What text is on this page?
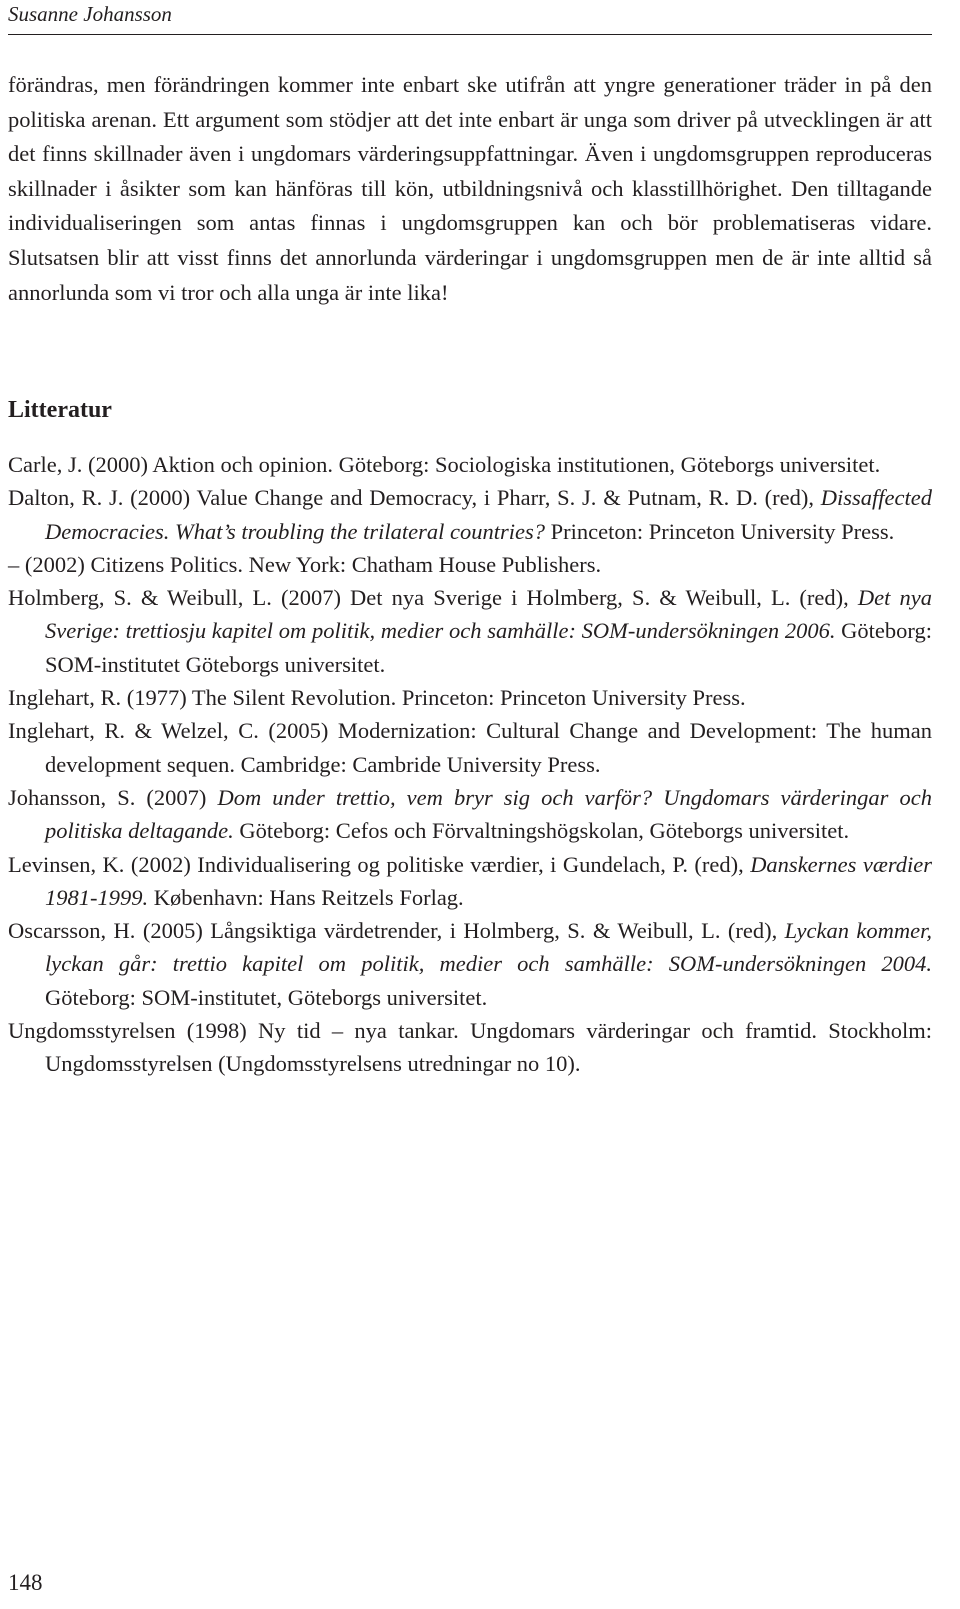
Susanne Johansson

förändras, men förändringen kommer inte enbart ske utifrån att yngre generationer träder in på den politiska arenan. Ett argument som stödjer att det inte enbart är unga som driver på utvecklingen är att det finns skillnader även i ungdomars värderingsuppfattningar. Även i ungdomsgruppen reproduceras skillnader i åsikter som kan hänföras till kön, utbildningsnivå och klasstillhörighet. Den tilltagande individualiseringen som antas finnas i ungdomsgruppen kan och bör problematiseras vidare. Slutsatsen blir att visst finns det annorlunda värderingar i ungdomsgruppen men de är inte alltid så annorlunda som vi tror och alla unga är inte lika!

Litteratur
Carle, J. (2000) Aktion och opinion. Göteborg: Sociologiska institutionen, Göteborgs universitet.
Dalton, R. J. (2000) Value Change and Democracy, i Pharr, S. J. & Putnam, R. D. (red), Dissaffected Democracies. What’s troubling the trilateral countries? Princeton: Princeton University Press.
– (2002) Citizens Politics. New York: Chatham House Publishers.
Holmberg, S. & Weibull, L. (2007) Det nya Sverige i Holmberg, S. & Weibull, L. (red), Det nya Sverige: trettiosju kapitel om politik, medier och samhälle: SOM-undersökningen 2006. Göteborg: SOM-institutet Göteborgs universitet.
Inglehart, R. (1977) The Silent Revolution. Princeton: Princeton University Press.
Inglehart, R. & Welzel, C. (2005) Modernization: Cultural Change and Development: The human development sequen. Cambridge: Cambride University Press.
Johansson, S. (2007) Dom under trettio, vem bryr sig och varför? Ungdomars värderingar och politiska deltagande. Göteborg: Cefos och Förvaltningshögskolan, Göteborgs universitet.
Levinsen, K. (2002) Individualisering og politiske værdier, i Gundelach, P. (red), Danskernes værdier 1981-1999. København: Hans Reitzels Forlag.
Oscarsson, H. (2005) Långsiktiga värdetrender, i Holmberg, S. & Weibull, L. (red), Lyckan kommer, lyckan går: trettio kapitel om politik, medier och samhälle: SOM-undersökningen 2004. Göteborg: SOM-institutet, Göteborgs universitet.
Ungdomsstyrelsen (1998) Ny tid – nya tankar. Ungdomars värderingar och framtid. Stockholm: Ungdomsstyrelsen (Ungdomsstyrelsens utredningar no 10).
148
